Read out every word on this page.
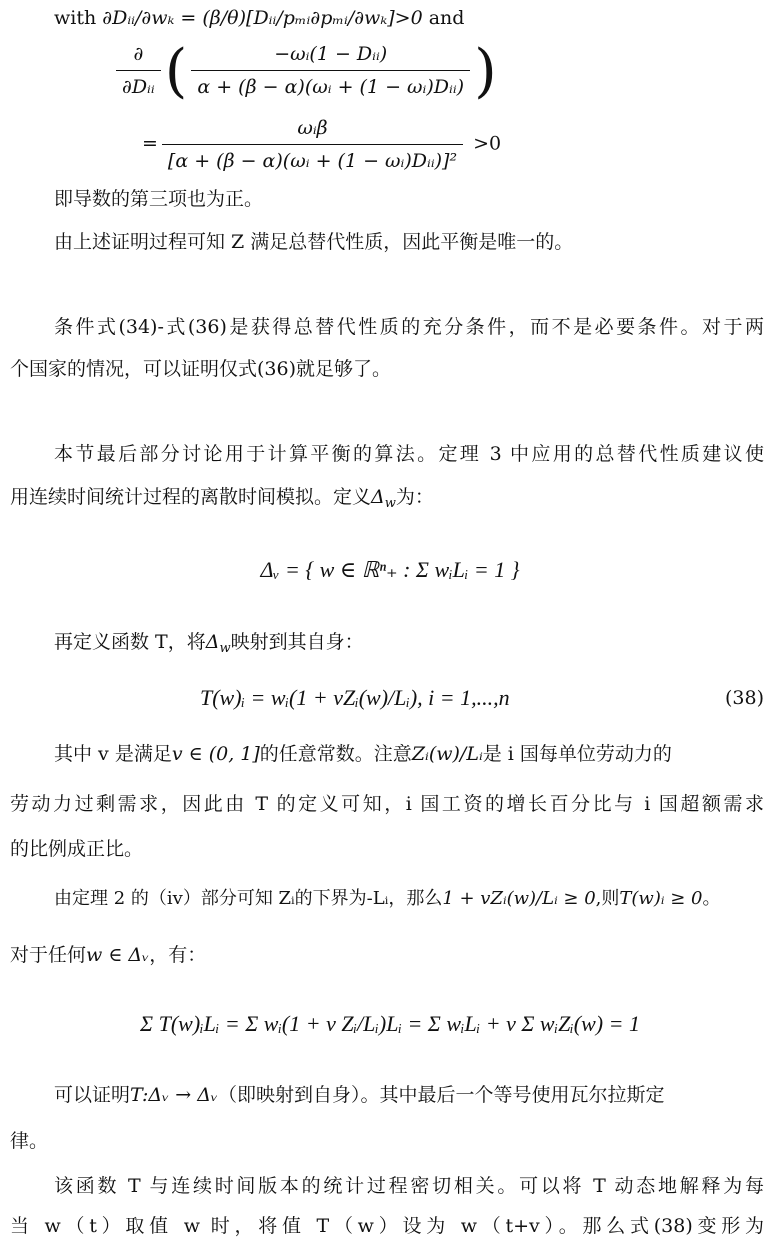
with ∂Dᵢᵢ/∂wₖ = (β/θ)[Dᵢᵢ/pₘᵢ∂pₘᵢ/∂wₖ]>0 and
$\frac{\partial}{\text{∂Dᵢᵢ}}$ ( $\frac{\text{−ωᵢ(1 − Dᵢᵢ)}}{\text{α + (β − α)(ωᵢ + (1 − ωᵢ)Dᵢᵢ)}}$ )
= $\frac{\text{ωᵢβ}}{\text{[α + (β − α)(ωᵢ + (1 − ωᵢ)Dᵢᵢ)]²}} >0$
即导数的第三项也为正。
由上述证明过程可知 Z 满足总替代性质，因此平衡是唯一的。
条件式(34)-式(36)是获得总替代性质的充分条件，而不是必要条件。对于两
个国家的情况，可以证明仅式(36)就足够了。
本节最后部分讨论用于计算平衡的算法。定理 3 中应用的总替代性质建议使
用连续时间统计过程的离散时间模拟。定义$\Delta_w$为：
Δᵥ = { w ∈ ℝⁿ₊ : Σ wᵢLᵢ = 1 }
再定义函数 T，将$\Delta_w$映射到其自身：
T(w)ᵢ = wᵢ(1 + vZᵢ(w)/Lᵢ), i = 1,...,n	(38)
其中 v 是满足v ∈ (0, 1]的任意常数。注意Zᵢ(w)/Lᵢ是 i 国每单位劳动力的
劳动力过剩需求，因此由 T 的定义可知，i 国工资的增长百分比与 i 国超额需求
的比例成正比。
由定理 2 的（iv）部分可知 Zᵢ的下界为-Lᵢ，那么1 + vZᵢ(w)/Lᵢ ≥ 0,则T(w)ᵢ ≥ 0。
对于任何w ∈ Δᵥ，有：
Σ T(w)ᵢLᵢ = Σ wᵢ(1 + v Zᵢ/Lᵢ)Lᵢ = Σ wᵢLᵢ + v Σ wᵢZᵢ(w) = 1
可以证明T:Δᵥ → Δᵥ（即映射到自身）。其中最后一个等号使用瓦尔拉斯定
律。
该函数 T 与连续时间版本的统计过程密切相关。可以将 T 动态地解释为每
当 w（t）取值 w 时，将值 T（w）设为 w（t+v）。那么式(38)变形为
